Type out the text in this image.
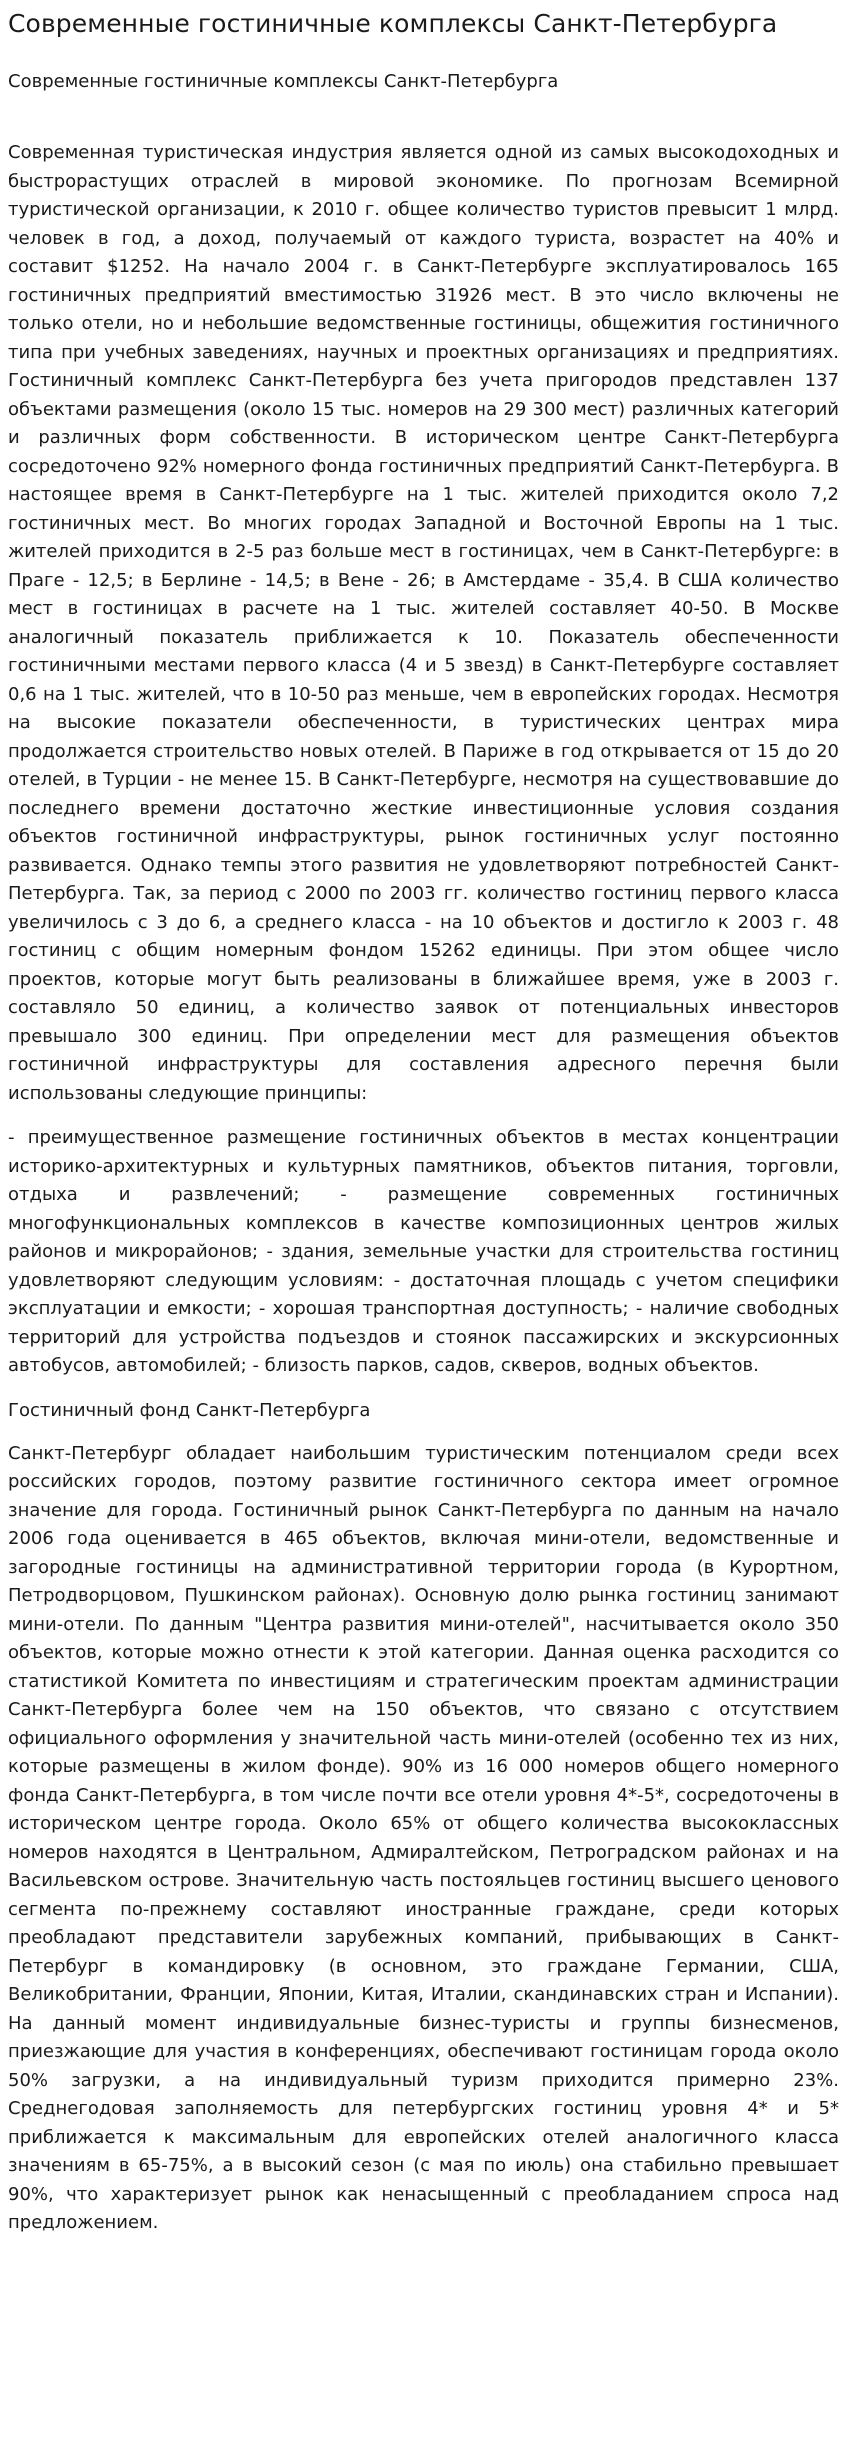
Современные гостиничные комплексы Санкт-Петербурга

Современные гостиничные комплексы Санкт-Петербурга

Современная туристическая индустрия является одной из самых высокодоходных и быстрорастущих отраслей в мировой экономике. По прогнозам Всемирной туристической организации, к 2010 г. общее количество туристов превысит 1 млрд. человек в год, а доход, получаемый от каждого туриста, возрастет на 40% и составит $1252. На начало 2004 г. в Санкт-Петербурге эксплуатировалось 165 гостиничных предприятий вместимостью 31926 мест. В это число включены не только отели, но и небольшие ведомственные гостиницы, общежития гостиничного типа при учебных заведениях, научных и проектных организациях и предприятиях. Гостиничный комплекс Санкт-Петербурга без учета пригородов представлен 137 объектами размещения (около 15 тыс. номеров на 29 300 мест) различных категорий и различных форм собственности. В историческом центре Санкт-Петербурга сосредоточено 92% номерного фонда гостиничных предприятий Санкт-Петербурга. В настоящее время в Санкт-Петербурге на 1 тыс. жителей приходится около 7,2 гостиничных мест. Во многих городах Западной и Восточной Европы на 1 тыс. жителей приходится в 2-5 раз больше мест в гостиницах, чем в Санкт-Петербурге: в Праге - 12,5; в Берлине - 14,5; в Вене - 26; в Амстердаме - 35,4. В США количество мест в гостиницах в расчете на 1 тыс. жителей составляет 40-50. В Москве аналогичный показатель приближается к 10. Показатель обеспеченности гостиничными местами первого класса (4 и 5 звезд) в Санкт-Петербурге составляет 0,6 на 1 тыс. жителей, что в 10-50 раз меньше, чем в европейских городах. Несмотря на высокие показатели обеспеченности, в туристических центрах мира продолжается строительство новых отелей. В Париже в год открывается от 15 до 20 отелей, в Турции - не менее 15. В Санкт-Петербурге, несмотря на существовавшие до последнего времени достаточно жесткие инвестиционные условия создания объектов гостиничной инфраструктуры, рынок гостиничных услуг постоянно развивается. Однако темпы этого развития не удовлетворяют потребностей Санкт-Петербурга. Так, за период с 2000 по 2003 гг. количество гостиниц первого класса увеличилось с 3 до 6, а среднего класса - на 10 объектов и достигло к 2003 г. 48 гостиниц с общим номерным фондом 15262 единицы. При этом общее число проектов, которые могут быть реализованы в ближайшее время, уже в 2003 г. составляло 50 единиц, а количество заявок от потенциальных инвесторов превышало 300 единиц. При определении мест для размещения объектов гостиничной инфраструктуры для составления адресного перечня были использованы следующие принципы:

- преимущественное размещение гостиничных объектов в местах концентрации историко-архитектурных и культурных памятников, объектов питания, торговли, отдыха и развлечений; - размещение современных гостиничных многофункциональных комплексов в качестве композиционных центров жилых районов и микрорайонов; - здания, земельные участки для строительства гостиниц удовлетворяют следующим условиям: - достаточная площадь с учетом специфики эксплуатации и емкости; - хорошая транспортная доступность; - наличие свободных территорий для устройства подъездов и стоянок пассажирских и экскурсионных автобусов, автомобилей; - близость парков, садов, скверов, водных объектов.

Гостиничный фонд Санкт-Петербурга

Санкт-Петербург обладает наибольшим туристическим потенциалом среди всех российских городов, поэтому развитие гостиничного сектора имеет огромное значение для города. Гостиничный рынок Санкт-Петербурга по данным на начало 2006 года оценивается в 465 объектов, включая мини-отели, ведомственные и загородные гостиницы на административной территории города (в Курортном, Петродворцовом, Пушкинском районах). Основную долю рынка гостиниц занимают мини-отели. По данным "Центра развития мини-отелей", насчитывается около 350 объектов, которые можно отнести к этой категории. Данная оценка расходится со статистикой Комитета по инвестициям и стратегическим проектам администрации Санкт-Петербурга более чем на 150 объектов, что связано с отсутствием официального оформления у значительной часть мини-отелей (особенно тех из них, которые размещены в жилом фонде). 90% из 16 000 номеров общего номерного фонда Санкт-Петербурга, в том числе почти все отели уровня 4*-5*, сосредоточены в историческом центре города. Около 65% от общего количества высококлассных номеров находятся в Центральном, Адмиралтейском, Петроградском районах и на Васильевском острове. Значительную часть постояльцев гостиниц высшего ценового сегмента по-прежнему составляют иностранные граждане, среди которых преобладают представители зарубежных компаний, прибывающих в Санкт-Петербург в командировку (в основном, это граждане Германии, США, Великобритании, Франции, Японии, Китая, Италии, скандинавских стран и Испании). На данный момент индивидуальные бизнес-туристы и группы бизнесменов, приезжающие для участия в конференциях, обеспечивают гостиницам города около 50% загрузки, а на индивидуальный туризм приходится примерно 23%. Среднегодовая заполняемость для петербургских гостиниц уровня 4* и 5* приближается к максимальным для европейских отелей аналогичного класса значениям в 65-75%, а в высокий сезон (с мая по июль) она стабильно превышает 90%, что характеризует рынок как ненасыщенный с преобладанием спроса над предложением.
